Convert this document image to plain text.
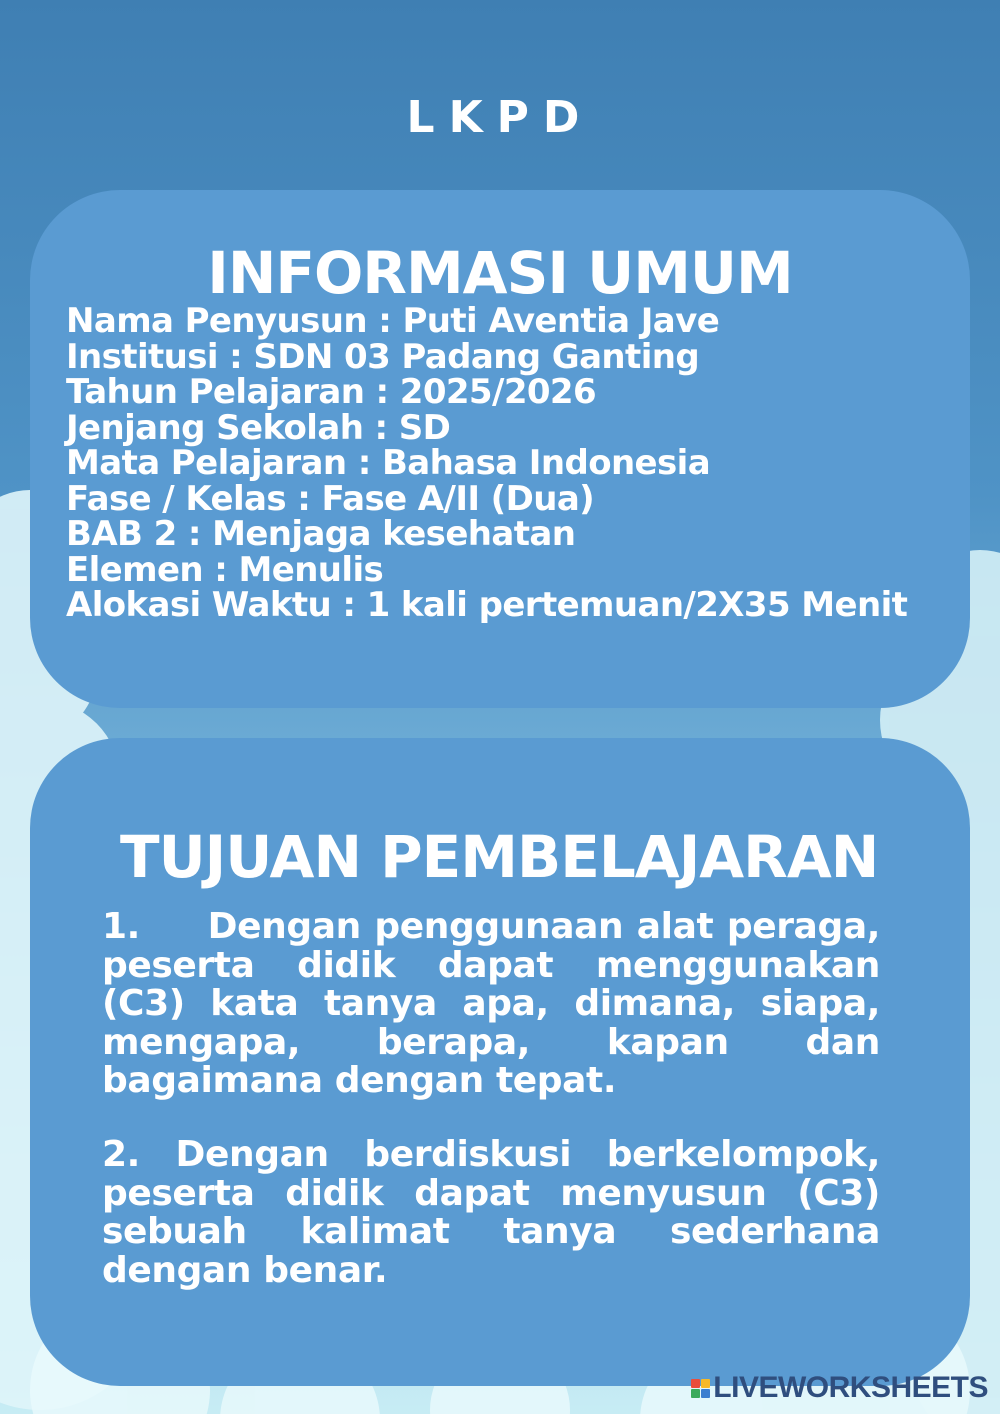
LKPD
INFORMASI UMUM
Nama Penyusun : Puti Aventia Jave
Institusi : SDN 03 Padang Ganting
Tahun Pelajaran : 2025/2026
Jenjang Sekolah : SD
Mata Pelajaran : Bahasa Indonesia
Fase / Kelas : Fase A/II (Dua)
BAB 2 : Menjaga kesehatan
Elemen : Menulis
Alokasi Waktu : 1 kali pertemuan/2X35 Menit
TUJUAN PEMBELAJARAN

1.     Dengan penggunaan alat peraga, peserta didik dapat menggunakan (C3) kata tanya apa, dimana, siapa, mengapa, berapa, kapan dan bagaimana dengan tepat.

2. Dengan berdiskusi berkelompok, peserta didik dapat menyusun (C3) sebuah kalimat tanya sederhana dengan benar.

LIVEWORKSHEETS
